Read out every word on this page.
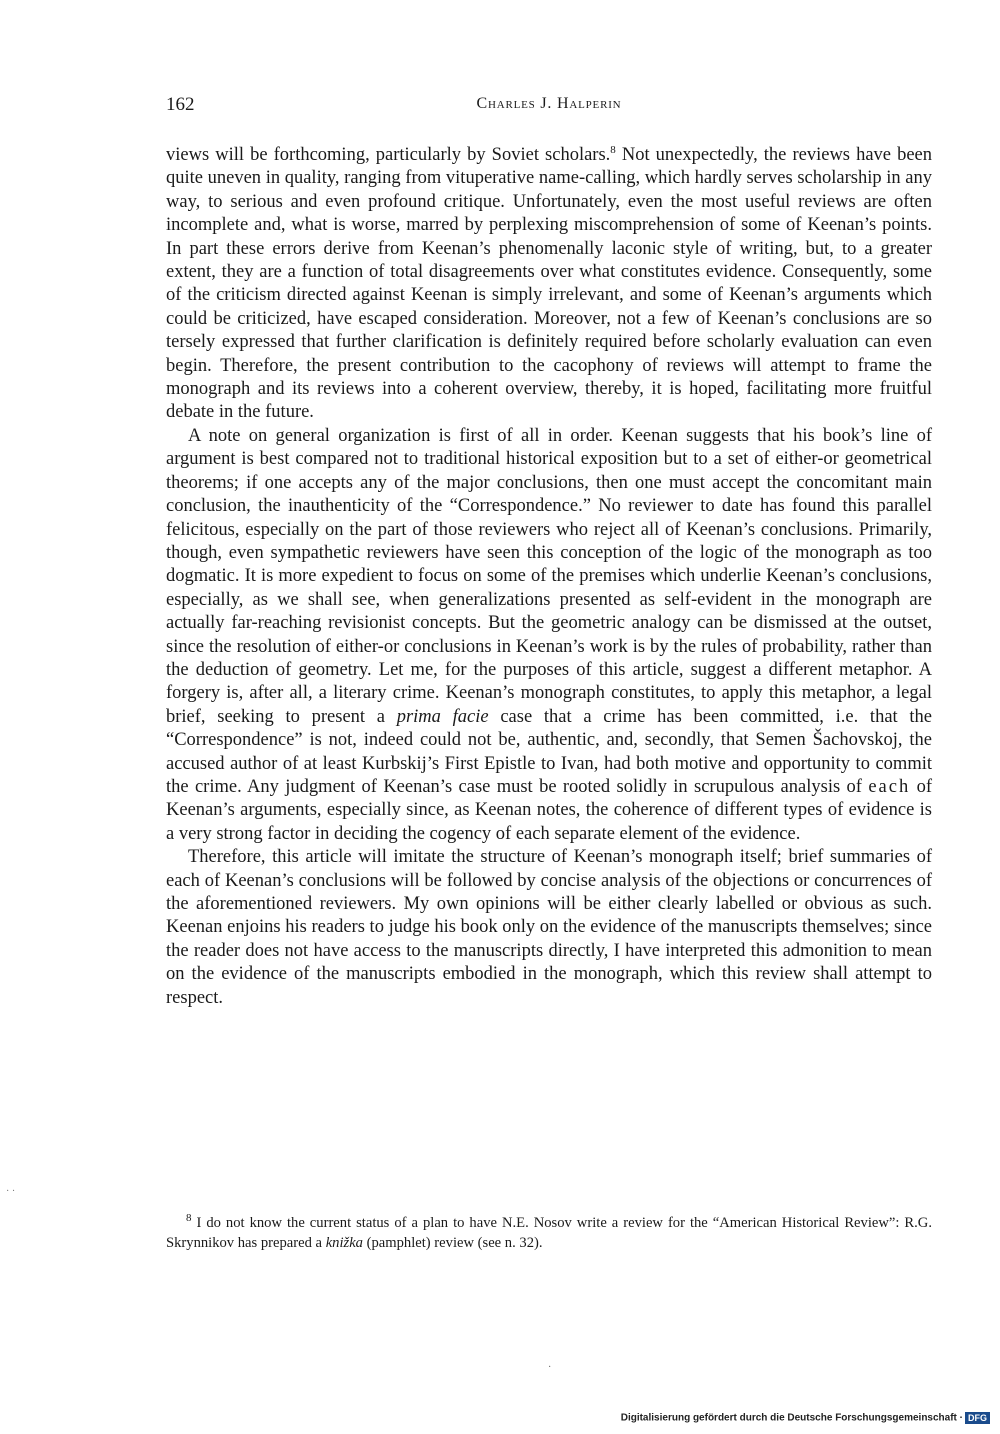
162	Charles J. Halperin

views will be forthcoming, particularly by Soviet scholars.$^8$ Not unexpectedly, the reviews have been quite uneven in quality, ranging from vituperative name-calling, which hardly serves scholarship in any way, to serious and even profound critique. Unfortunately, even the most useful reviews are often incomplete and, what is worse, marred by perplexing miscomprehension of some of Keenan’s points. In part these errors derive from Keenan’s phenomenally laconic style of writing, but, to a greater extent, they are a function of total disagreements over what constitutes evidence. Consequently, some of the criticism directed against Keenan is simply irrelevant, and some of Keenan’s arguments which could be criticized, have escaped consideration. Moreover, not a few of Keenan’s conclusions are so tersely expressed that further clarification is definitely required before scholarly evaluation can even begin. Therefore, the present contribution to the cacophony of reviews will attempt to frame the monograph and its reviews into a coherent overview, thereby, it is hoped, facilitating more fruitful debate in the future.

A note on general organization is first of all in order. Keenan suggests that his book’s line of argument is best compared not to traditional historical exposition but to a set of either-or geometrical theorems; if one accepts any of the major conclusions, then one must accept the concomitant main conclusion, the inauthenticity of the “Correspondence.” No reviewer to date has found this parallel felicitous, especially on the part of those reviewers who reject all of Keenan’s conclusions. Primarily, though, even sympathetic reviewers have seen this conception of the logic of the monograph as too dogmatic. It is more expedient to focus on some of the premises which underlie Keenan’s conclusions, especially, as we shall see, when generalizations presented as self-evident in the monograph are actually far-reaching revisionist concepts. But the geometric analogy can be dismissed at the outset, since the resolution of either-or conclusions in Keenan’s work is by the rules of probability, rather than the deduction of geometry. Let me, for the purposes of this article, suggest a different metaphor. A forgery is, after all, a literary crime. Keenan’s monograph constitutes, to apply this metaphor, a legal brief, seeking to present a prima facie case that a crime has been committed, i.e. that the “Correspondence” is not, indeed could not be, authentic, and, secondly, that Semen Šachovskoj, the accused author of at least Kurbskij’s First Epistle to Ivan, had both motive and opportunity to commit the crime. Any judgment of Keenan’s case must be rooted solidly in scrupulous analysis of each of Keenan’s arguments, especially since, as Keenan notes, the coherence of different types of evidence is a very strong factor in deciding the cogency of each separate element of the evidence.

Therefore, this article will imitate the structure of Keenan’s monograph itself; brief summaries of each of Keenan’s conclusions will be followed by concise analysis of the objections or concurrences of the aforementioned reviewers. My own opinions will be either clearly labelled or obvious as such. Keenan enjoins his readers to judge his book only on the evidence of the manuscripts themselves; since the reader does not have access to the manuscripts directly, I have interpreted this admonition to mean on the evidence of the manuscripts embodied in the monograph, which this review shall attempt to respect.

$^8$ I do not know the current status of a plan to have N.E. Nosov write a review for the “American Historical Review”: R.G. Skrynnikov has prepared a knižka (pamphlet) review (see n. 32).
· ·
·
Digitalisierung gefördert durch die Deutsche Forschungsgemeinschaft · DFG
